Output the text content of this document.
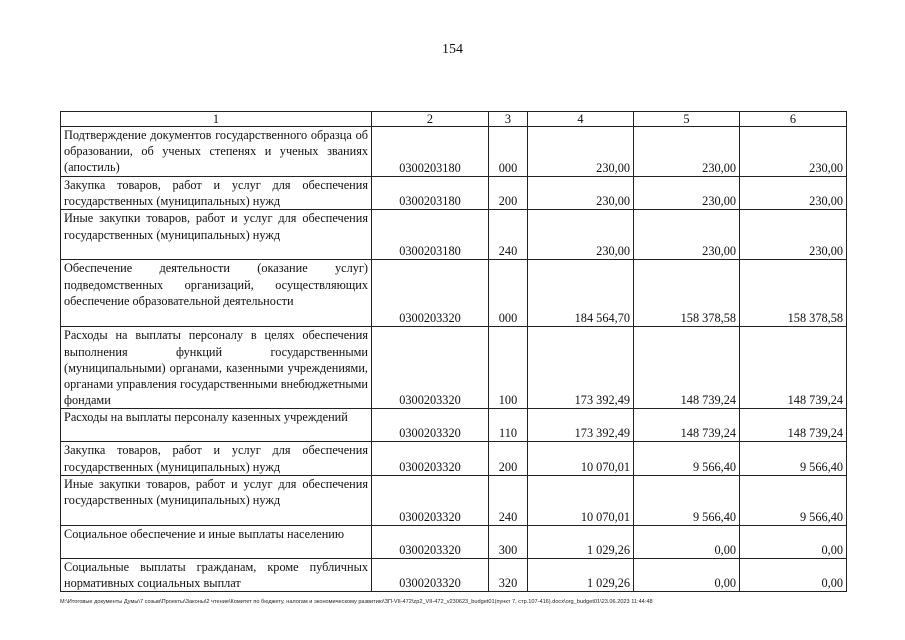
154
1	2	3	4	5	6
Подтверждение документов государственного образца об образовании, об ученых степенях и ученых званиях (апостиль)	0300203180	000	230,00	230,00	230,00
Закупка товаров, работ и услуг для обеспечения государственных (муниципальных) нужд	0300203180	200	230,00	230,00	230,00
Иные закупки товаров, работ и услуг для обеспечения государственных (муниципальных) нужд	0300203180	240	230,00	230,00	230,00
Обеспечение деятельности (оказание услуг) подведомственных организаций, осуществляющих обеспечение образовательной деятельности	0300203320	000	184 564,70	158 378,58	158 378,58
Расходы на выплаты персоналу в целях обеспечения выполнения функций государственными (муниципальными) органами, казенными учреждениями, органами управления государственными внебюджетными фондами	0300203320	100	173 392,49	148 739,24	148 739,24
Расходы на выплаты персоналу казенных учреждений	0300203320	110	173 392,49	148 739,24	148 739,24
Закупка товаров, работ и услуг для обеспечения государственных (муниципальных) нужд	0300203320	200	10 070,01	9 566,40	9 566,40
Иные закупки товаров, работ и услуг для обеспечения государственных (муниципальных) нужд	0300203320	240	10 070,01	9 566,40	9 566,40
Социальное обеспечение и иные выплаты населению	0300203320	300	1 029,26	0,00	0,00
Социальные выплаты гражданам, кроме публичных нормативных социальных выплат	0300203320	320	1 029,26	0,00	0,00
M:\Итоговые документы Думы\7 созыв\Проекты\Законы\2 чтение\Комитет по бюджету, налогам и экономическому развитию\ЗП-VII-472\zp2_VII-472_v230623_budget01(пункт 7, стр.107-416).docx\org_budget01\23.06.2023 11:44:48
